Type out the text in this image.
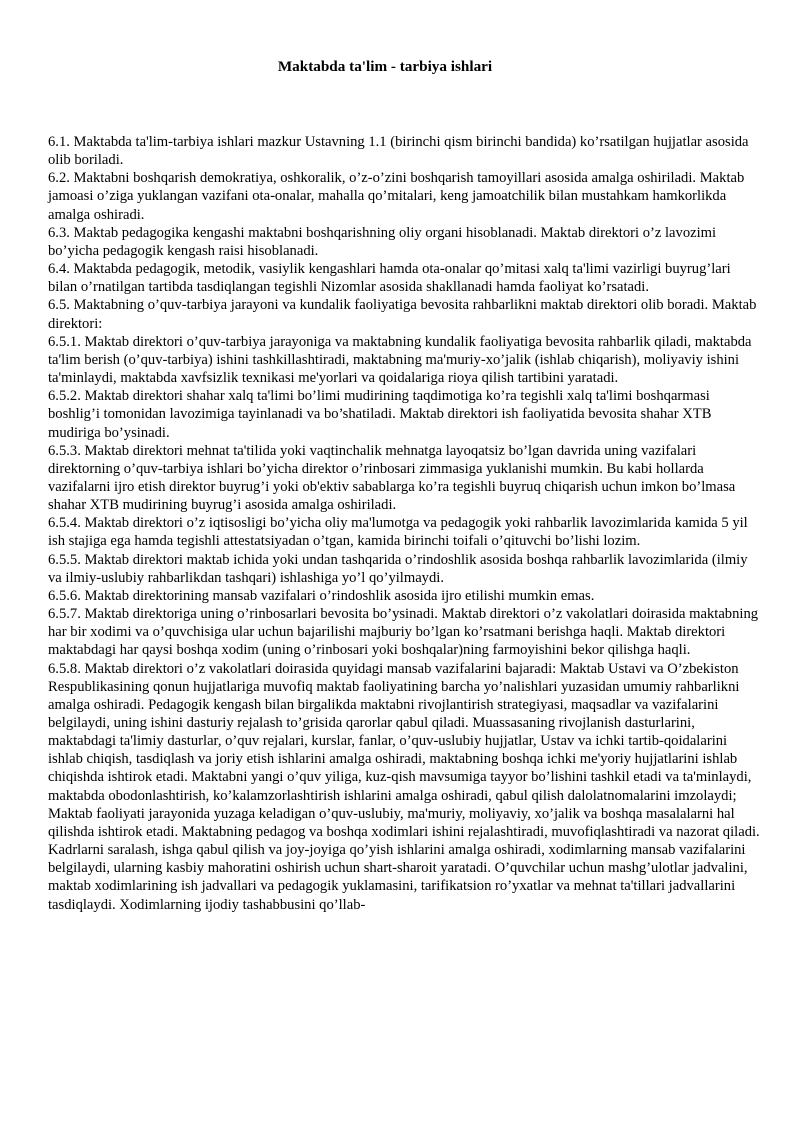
Maktabda ta'lim - tarbiya ishlari

6.1. Maktabda ta'lim-tarbiya ishlari mazkur Ustavning 1.1 (birinchi qism birinchi bandida) ko’rsatilgan hujjatlar asosida olib boriladi.

6.2. Maktabni boshqarish demokratiya, oshkoralik, o’z-o’zini boshqarish tamoyillari asosida amalga oshiriladi. Maktab jamoasi o’ziga yuklangan vazifani ota-onalar, mahalla qo’mitalari, keng jamoatchilik bilan mustahkam hamkorlikda amalga oshiradi.

6.3. Maktab pedagogika kengashi maktabni boshqarishning oliy organi hisoblanadi. Maktab direktori o’z lavozimi bo’yicha pedagogik kengash raisi hisoblanadi.

6.4. Maktabda pedagogik, metodik, vasiylik kengashlari hamda ota-onalar qo’mitasi xalq ta'limi vazirligi buyrug’lari bilan o’rnatilgan tartibda tasdiqlangan tegishli Nizomlar asosida shakllanadi hamda faoliyat ko’rsatadi.

6.5. Maktabning o’quv-tarbiya jarayoni va kundalik faoliyatiga bevosita rahbarlikni maktab direktori olib boradi. Maktab direktori:

6.5.1. Maktab direktori o’quv-tarbiya jarayoniga va maktabning kundalik faoliyatiga bevosita rahbarlik qiladi, maktabda ta'lim berish (o’quv-tarbiya) ishini tashkillashtiradi, maktabning ma'muriy-xo’jalik (ishlab chiqarish), moliyaviy ishini ta'minlaydi, maktabda xavfsizlik texnikasi me'yorlari va qoidalariga rioya qilish tartibini yaratadi.

6.5.2. Maktab direktori shahar xalq ta'limi bo’limi mudirining taqdimotiga ko’ra tegishli xalq ta'limi boshqarmasi boshlig’i tomonidan lavozimiga tayinlanadi va bo’shatiladi. Maktab direktori ish faoliyatida bevosita shahar XTB mudiriga bo’ysinadi.

6.5.3. Maktab direktori mehnat ta'tilida yoki vaqtinchalik mehnatga layoqatsiz bo’lgan davrida uning vazifalari direktorning o’quv-tarbiya ishlari bo’yicha direktor o’rinbosari zimmasiga yuklanishi mumkin. Bu kabi hollarda vazifalarni ijro etish direktor buyrug’i yoki ob'ektiv sabablarga ko’ra tegishli buyruq chiqarish uchun imkon bo’lmasa shahar XTB mudirining buyrug’i asosida amalga oshiriladi.

6.5.4. Maktab direktori o’z iqtisosligi bo’yicha oliy ma'lumotga va pedagogik yoki rahbarlik lavozimlarida kamida 5 yil ish stajiga ega hamda tegishli attestatsiyadan o’tgan, kamida birinchi toifali o’qituvchi bo’lishi lozim.

6.5.5. Maktab direktori maktab ichida yoki undan tashqarida o’rindoshlik asosida boshqa rahbarlik lavozimlarida (ilmiy va ilmiy-uslubiy rahbarlikdan tashqari) ishlashiga yo’l qo’yilmaydi.

6.5.6. Maktab direktorining mansab vazifalari o’rindoshlik asosida ijro etilishi mumkin emas.

6.5.7. Maktab direktoriga uning o’rinbosarlari bevosita bo’ysinadi. Maktab direktori o’z vakolatlari doirasida maktabning har bir xodimi va o’quvchisiga ular uchun bajarilishi majburiy bo’lgan ko’rsatmani berishga haqli. Maktab direktori maktabdagi har qaysi boshqa xodim (uning o’rinbosari yoki boshqalar)ning farmoyishini bekor qilishga haqli.

6.5.8. Maktab direktori o’z vakolatlari doirasida quyidagi mansab vazifalarini bajaradi: Maktab Ustavi va O’zbekiston Respublikasining qonun hujjatlariga muvofiq maktab faoliyatining barcha yo’nalishlari yuzasidan umumiy rahbarlikni amalga oshiradi. Pedagogik kengash bilan birgalikda maktabni rivojlantirish strategiyasi, maqsadlar va vazifalarini belgilaydi, uning ishini dasturiy rejalash to’grisida qarorlar qabul qiladi. Muassasaning rivojlanish dasturlarini, maktabdagi ta'limiy dasturlar, o’quv rejalari, kurslar, fanlar, o’quv-uslubiy hujjatlar, Ustav va ichki tartib-qoidalarini ishlab chiqish, tasdiqlash va joriy etish ishlarini amalga oshiradi, maktabning boshqa ichki me'yoriy hujjatlarini ishlab chiqishda ishtirok etadi. Maktabni yangi o’quv yiliga, kuz-qish mavsumiga tayyor bo’lishini tashkil etadi va ta'minlaydi, maktabda obodonlashtirish, ko’kalamzorlashtirish ishlarini amalga oshiradi, qabul qilish dalolatnomalarini imzolaydi; Maktab faoliyati jarayonida yuzaga keladigan o’quv-uslubiy, ma'muriy, moliyaviy, xo’jalik va boshqa masalalarni hal qilishda ishtirok etadi. Maktabning pedagog va boshqa xodimlari ishini rejalashtiradi, muvofiqlashtiradi va nazorat qiladi. Kadrlarni saralash, ishga qabul qilish va joy-joyiga qo’yish ishlarini amalga oshiradi, xodimlarning mansab vazifalarini belgilaydi, ularning kasbiy mahoratini oshirish uchun shart-sharoit yaratadi. O’quvchilar uchun mashg’ulotlar jadvalini, maktab xodimlarining ish jadvallari va pedagogik yuklamasini, tarifikatsion ro’yxatlar va mehnat ta'tillari jadvallarini tasdiqlaydi. Xodimlarning ijodiy tashabbusini qo’llab-
